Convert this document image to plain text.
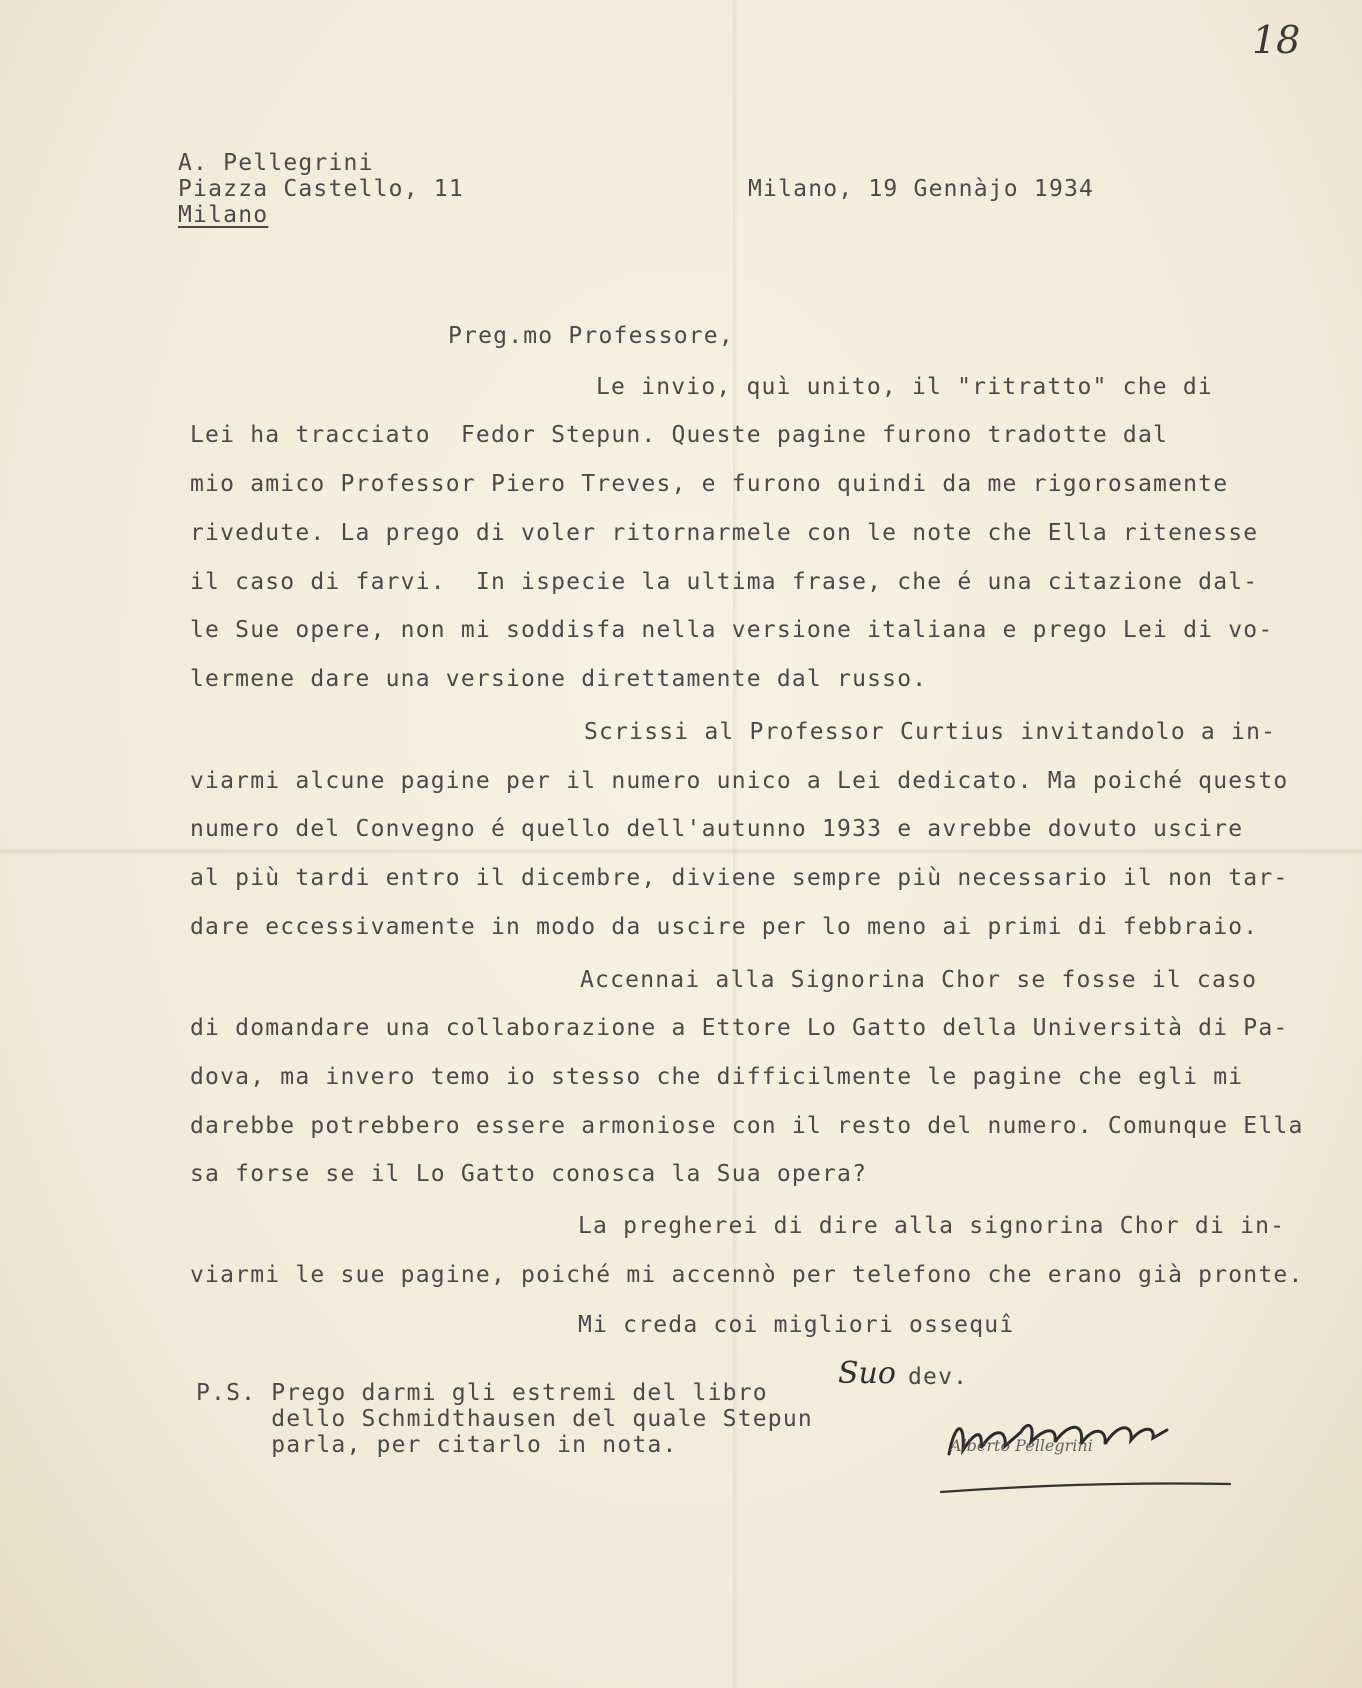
18
A. Pellegrini
Piazza Castello, 11
Milano
Milano, 19 Gennàjo 1934
Preg.mo Professore,
Le invio, quì unito, il "ritratto" che di
Lei ha tracciato  Fedor Stepun. Queste pagine furono tradotte dal
mio amico Professor Piero Treves, e furono quindi da me rigorosamente
rivedute. La prego di voler ritornarmele con le note che Ella ritenesse
il caso di farvi.  In ispecie la ultima frase, che é una citazione dal-
le Sue opere, non mi soddisfa nella versione italiana e prego Lei di vo-
lermene dare una versione direttamente dal russo.
Scrissi al Professor Curtius invitandolo a in-
viarmi alcune pagine per il numero unico a Lei dedicato. Ma poiché questo
numero del Convegno é quello dell'autunno 1933 e avrebbe dovuto uscire
al più tardi entro il dicembre, diviene sempre più necessario il non tar-
dare eccessivamente in modo da uscire per lo meno ai primi di febbraio.
Accennai alla Signorina Chor se fosse il caso
di domandare una collaborazione a Ettore Lo Gatto della Università di Pa-
dova, ma invero temo io stesso che difficilmente le pagine che egli mi
darebbe potrebbero essere armoniose con il resto del numero. Comunque Ella
sa forse se il Lo Gatto conosca la Sua opera?
La pregherei di dire alla signorina Chor di in-
viarmi le sue pagine, poiché mi accennò per telefono che erano già pronte.
Mi creda coi migliori ossequî
Suo dev.
Alberto Pellegrini
P.S. Prego darmi gli estremi del libro
dello Schmidthausen del quale Stepun
parla, per citarlo in nota.
